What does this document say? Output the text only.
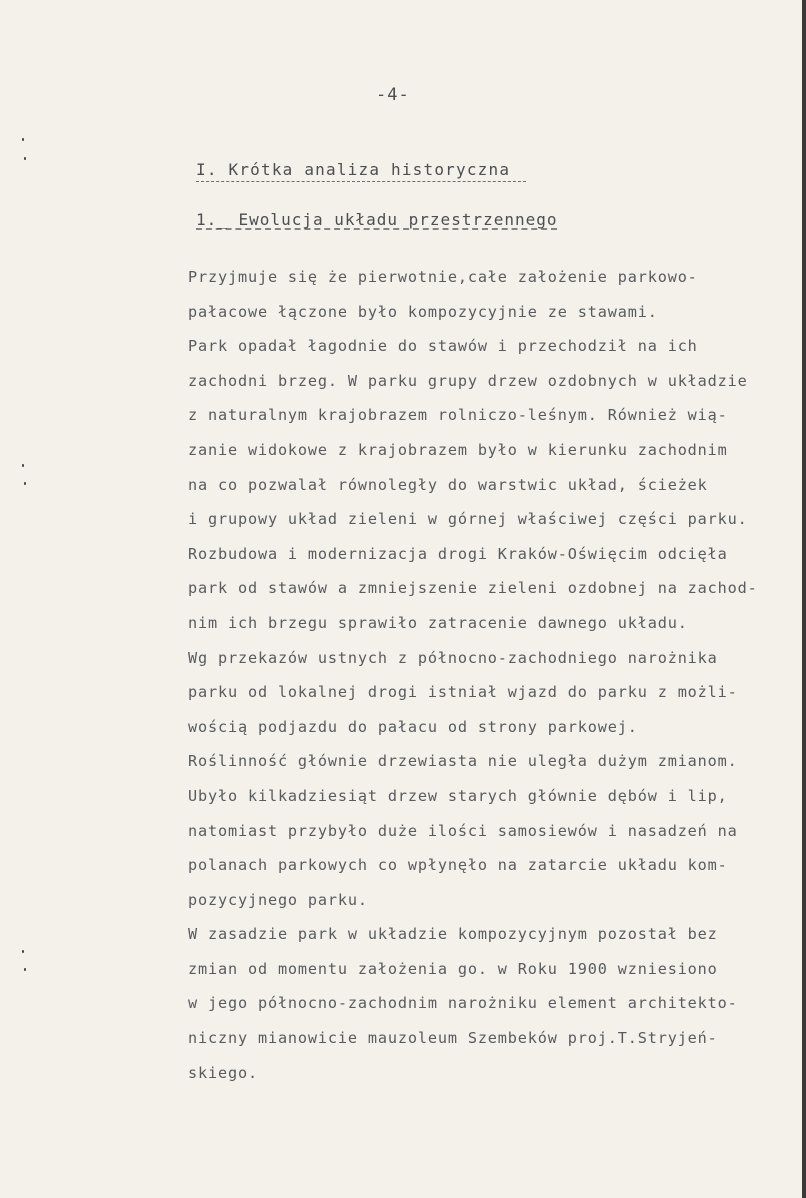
-4-
I. Krótka analiza historyczna
1._ Ewolucja układu przestrzennego
Przyjmuje się że pierwotnie,całe założenie parkowo-
pałacowe łączone było kompozycyjnie ze stawami.
Park opadał łagodnie do stawów i przechodził na ich
zachodni brzeg. W parku grupy drzew ozdobnych w układzie
z naturalnym krajobrazem rolniczo-leśnym. Również wią-
zanie widokowe z krajobrazem było w kierunku zachodnim
na co pozwalał równoległy do warstwic układ, ścieżek
i grupowy układ zieleni w górnej właściwej części parku.
Rozbudowa i modernizacja drogi Kraków-Oświęcim odcięła
park od stawów a zmniejszenie zieleni ozdobnej na zachod-
nim ich brzegu sprawiło zatracenie dawnego układu.
Wg przekazów ustnych z północno-zachodniego narożnika
parku od lokalnej drogi istniał wjazd do parku z możli-
wością podjazdu do pałacu od strony parkowej.
Roślinność głównie drzewiasta nie uległa dużym zmianom.
Ubyło kilkadziesiąt drzew starych głównie dębów i lip,
natomiast przybyło duże ilości samosiewów i nasadzeń na
polanach parkowych co wpłynęło na zatarcie układu kom-
pozycyjnego parku.
W zasadzie park w układzie kompozycyjnym pozostał bez
zmian od momentu założenia go. w Roku 1900 wzniesiono
w jego północno-zachodnim narożniku element architekto-
niczny mianowicie mauzoleum Szembeków proj.T.Stryjeń-
skiego.
